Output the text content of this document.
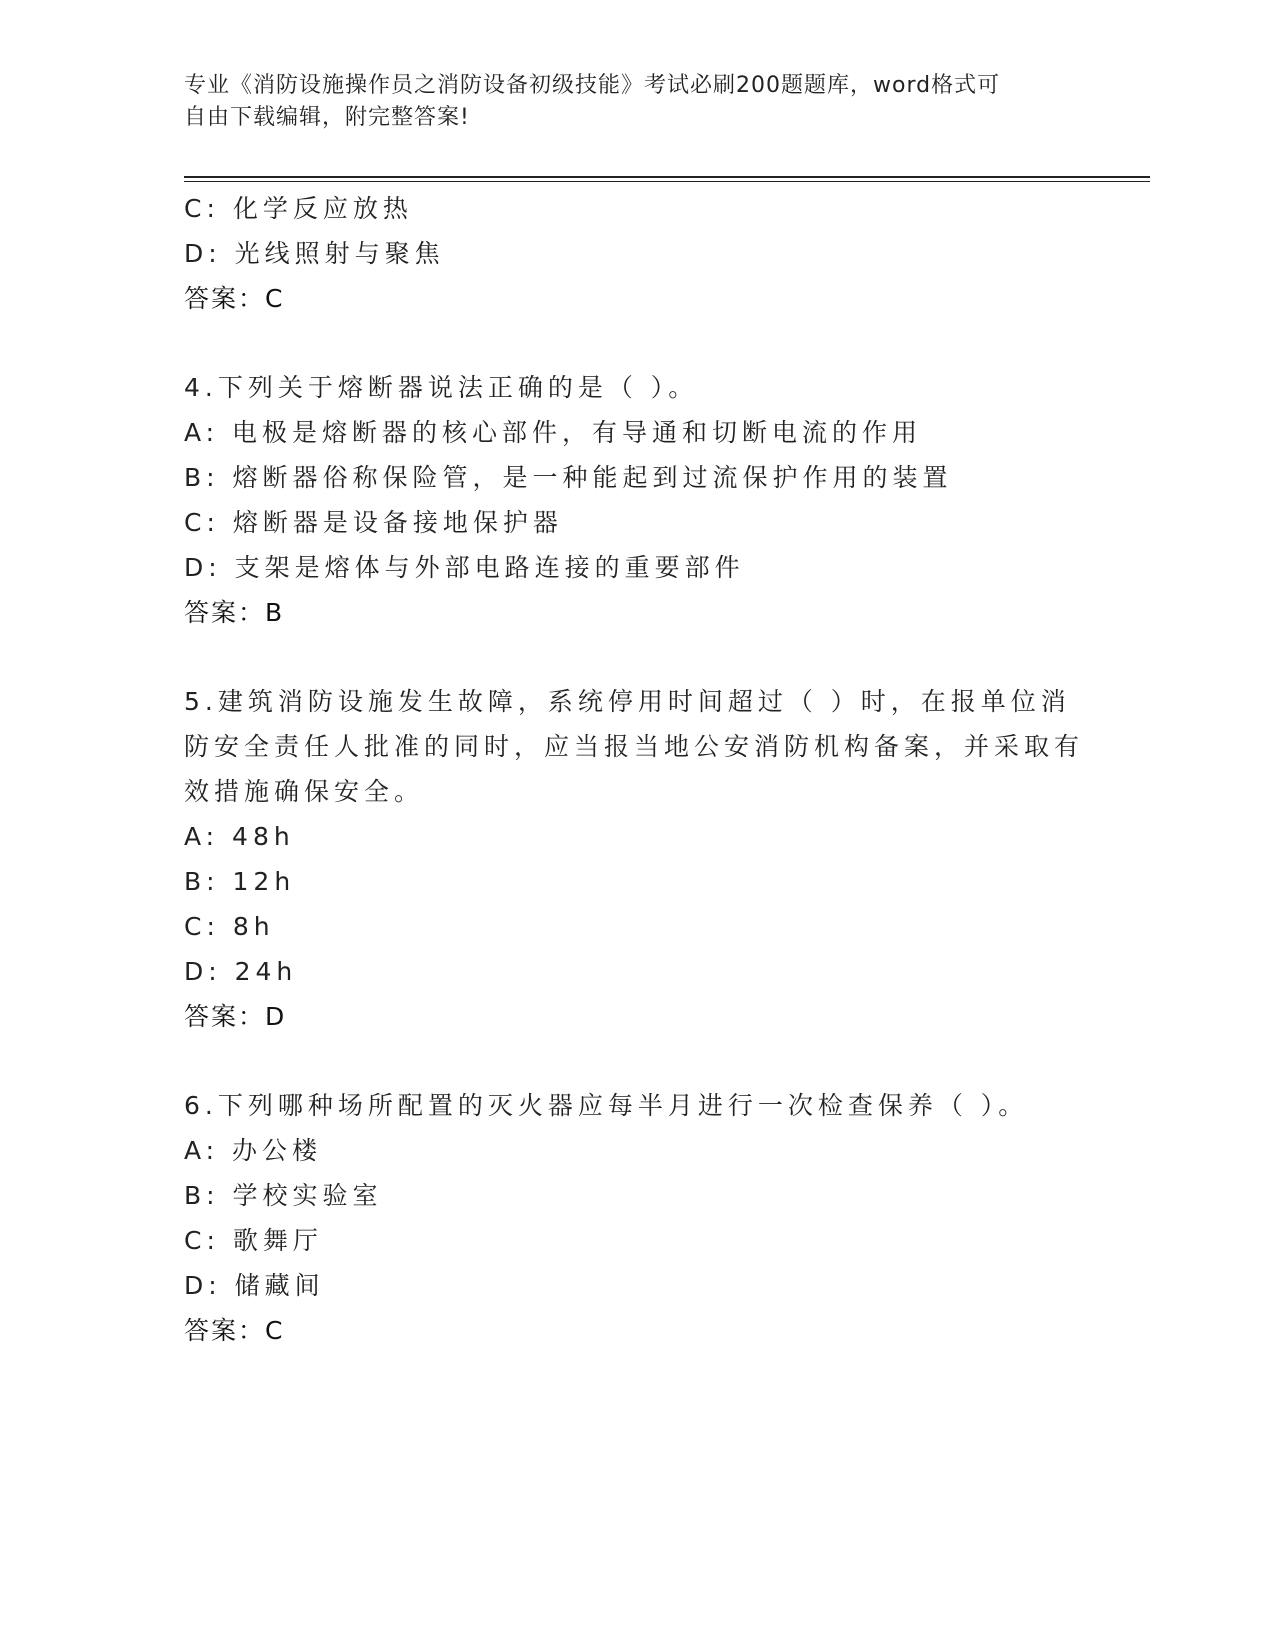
专业《消防设施操作员之消防设备初级技能》考试必刷200题题库，word格式可
自由下载编辑，附完整答案!
C: 化学反应放热
D: 光线照射与聚焦
答案：C
4.下列关于熔断器说法正确的是（ ）。
A: 电极是熔断器的核心部件，有导通和切断电流的作用
B: 熔断器俗称保险管，是一种能起到过流保护作用的装置
C: 熔断器是设备接地保护器
D: 支架是熔体与外部电路连接的重要部件
答案：B
5.建筑消防设施发生故障，系统停用时间超过（ ）时，在报单位消
防安全责任人批准的同时，应当报当地公安消防机构备案，并采取有
效措施确保安全。
A: 48h
B: 12h
C: 8h
D: 24h
答案：D
6.下列哪种场所配置的灭火器应每半月进行一次检查保养（ ）。
A: 办公楼
B: 学校实验室
C: 歌舞厅
D: 储藏间
答案：C
